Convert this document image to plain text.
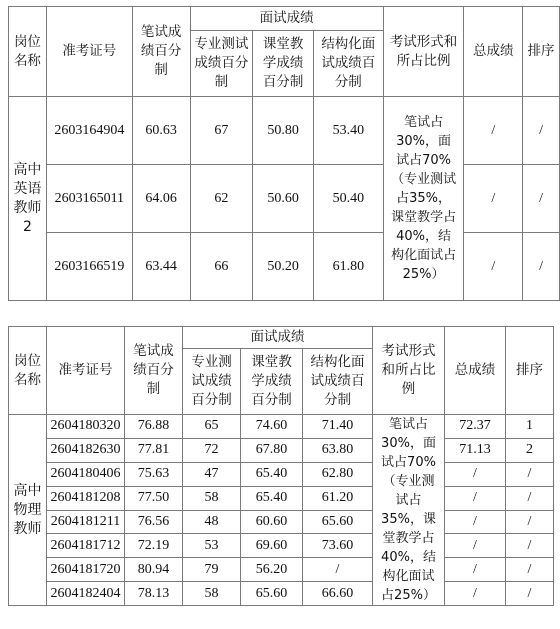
岗位名称	准考证号	笔试成绩百分制	面试成绩			考试形式和所占比例	总成绩	排序
			专业测试成绩百分制	课堂教学成绩百分制	结构化面试成绩百分制			
高中英语教师2	2603164904	60.63	67	50.80	53.40	笔试占30%，面试占70%（专业测试占35%，课堂教学占40%，结构化面试占25%）	/	/
	2603165011	64.06	62	50.60	50.40		/	/
	2603166519	63.44	66	50.20	61.80		/	/
岗位名称	准考证号	笔试成绩百分制	面试成绩			考试形式和所占比例	总成绩	排序
			专业测试成绩百分制	课堂教学成绩百分制	结构化面试成绩百分制			
高中物理教师	2604180320	76.88	65	74.60	71.40	笔试占30%，面试占70%（专业测试占35%，课堂教学占40%，结构化面试占25%）	72.37	1
	2604182630	77.81	72	67.80	63.80		71.13	2
	2604180406	75.63	47	65.40	62.80		/	/
	2604181208	77.50	58	65.40	61.20		/	/
	2604181211	76.56	48	60.60	65.60		/	/
	2604181712	72.19	53	69.60	73.60		/	/
	2604181720	80.94	79	56.20	/		/	/
	2604182404	78.13	58	65.60	66.60		/	/
